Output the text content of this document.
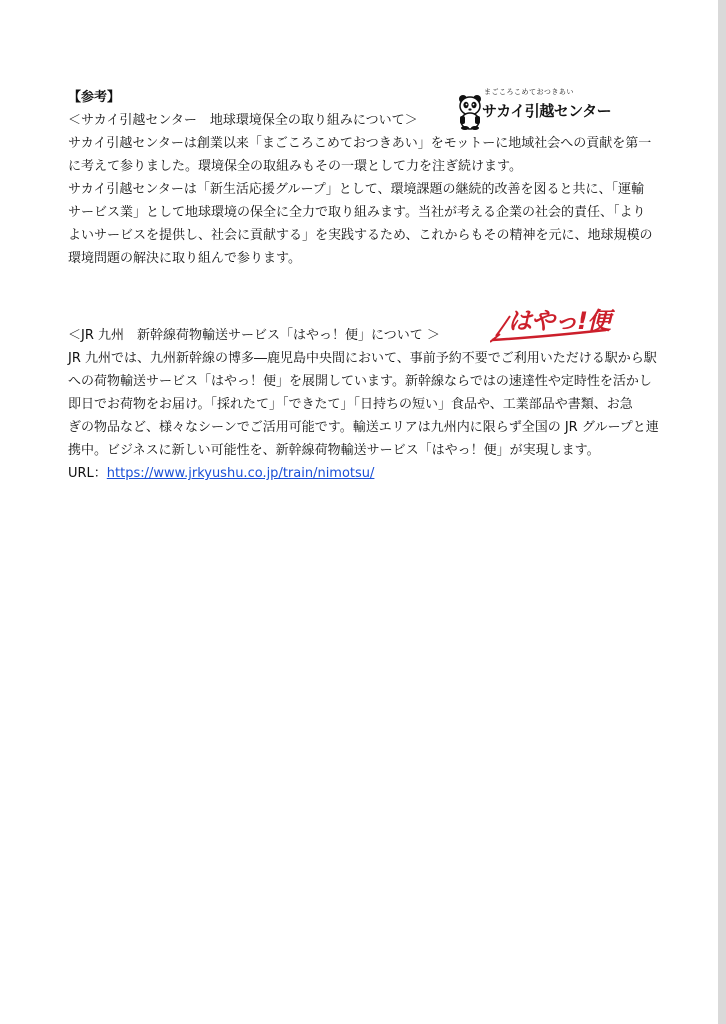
【参考】
＜サカイ引越センター　地球環境保全の取り組みについて＞
サカイ引越センターは創業以来「まごころこめておつきあい」をモットーに地域社会への貢献を第一
に考えて参りました。環境保全の取組みもその一環として力を注ぎ続けます。
サカイ引越センターは「新生活応援グループ」として、環境課題の継続的改善を図ると共に、「運輸
サービス業」として地球環境の保全に全力で取り組みます。当社が考える企業の社会的責任、「より
よいサービスを提供し、社会に貢献する」を実践するため、これからもその精神を元に、地球規模の
環境問題の解決に取り組んで参ります。
＜JR 九州　新幹線荷物輸送サービス「はやっ！便」について ＞
JR 九州では、九州新幹線の博多―鹿児島中央間において、事前予約不要でご利用いただける駅から駅
への荷物輸送サービス「はやっ！便」を展開しています。新幹線ならではの速達性や定時性を活かし
即日でお荷物をお届け。「採れたて」「できたて」「日持ちの短い」食品や、工業部品や書類、お急
ぎの物品など、様々なシーンでご活用可能です。輸送エリアは九州内に限らず全国の JR グループと連
携中。ビジネスに新しい可能性を、新幹線荷物輸送サービス「はやっ！便」が実現します。
URL：https://www.jrkyushu.co.jp/train/nimotsu/
まごころこめておつきあい
サカイ引越センター
はやっ!便
